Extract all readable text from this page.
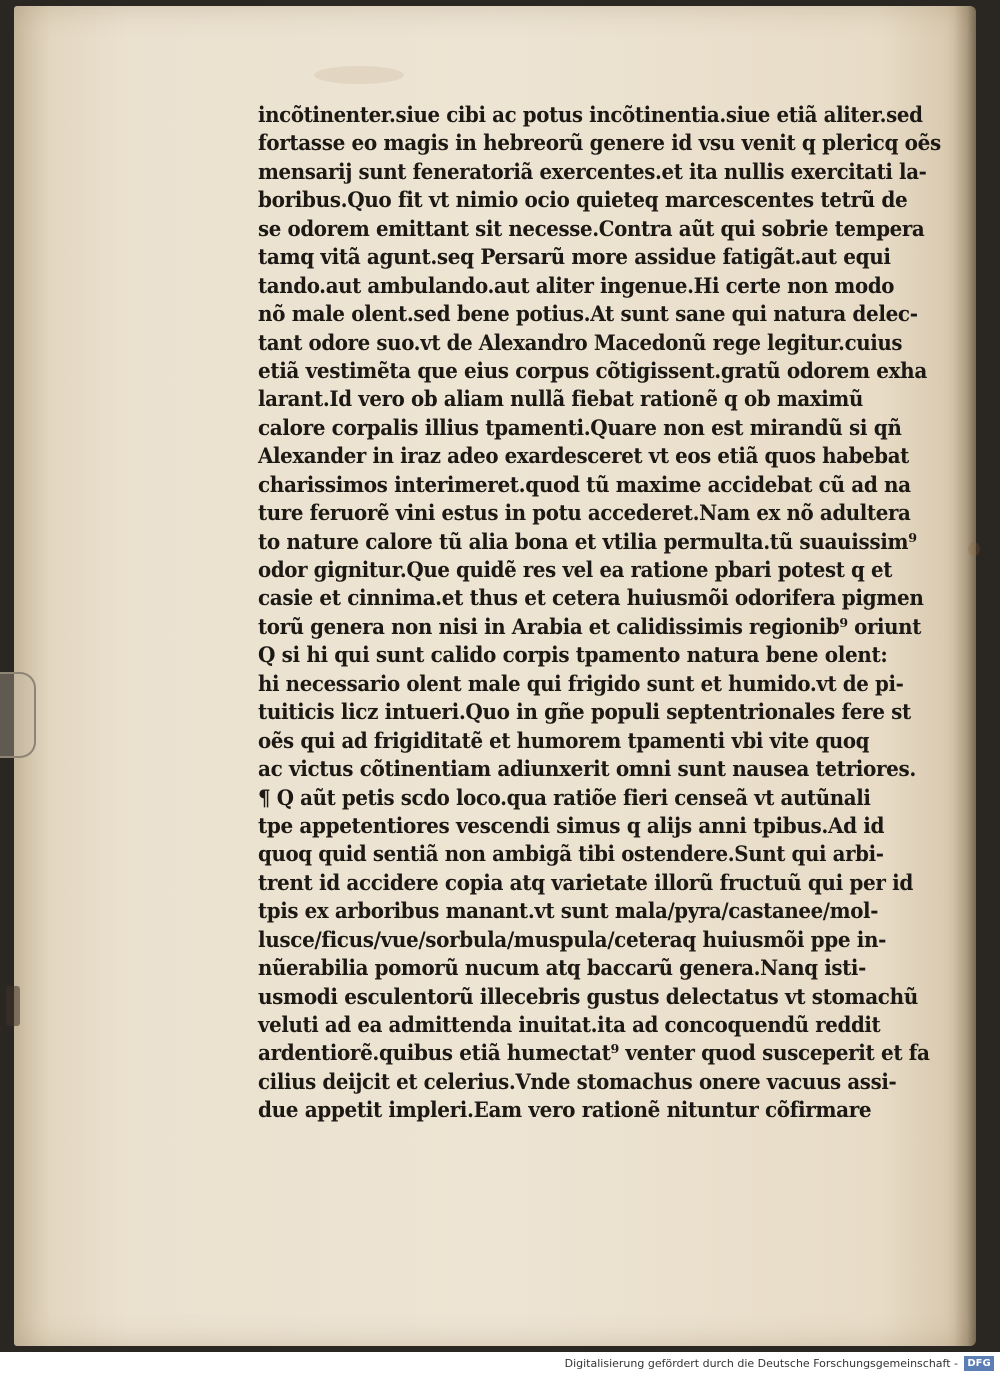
incõtinenter.siue cibi ac potus incõtinentia.siue etiã aliter.sed
fortasse eo magis in hebreorũ genere id vsu venit q plericq oẽs
mensarij sunt feneratoriã exercentes.et ita nullis exercitati la-
boribus.Quo fit vt nimio ocio quieteq marcescentes tetrũ de
se odorem emittant sit necesse.Contra aũt qui sobrie tempera
tamq vitã agunt.seq Persarũ more assidue fatigãt.aut equi
tando.aut ambulando.aut aliter ingenue.Hi certe non modo
nõ male olent.sed bene potius.At sunt sane qui natura delec-
tant odore suo.vt de Alexandro Macedonũ rege legitur.cuius
etiã vestimẽta que eius corpus cõtigissent.gratũ odorem exha
larant.Id vero ob aliam nullã fiebat rationẽ q ob maximũ
calore corpalis illius tpamenti.Quare non est mirandũ si qñ
Alexander in iraz adeo exardesceret vt eos etiã quos habebat
charissimos interimeret.quod tũ maxime accidebat cũ ad na
ture feruorẽ vini estus in potu accederet.Nam ex nõ adultera
to nature calore tũ alia bona et vtilia permulta.tũ suauissim⁹
odor gignitur.Que quidẽ res vel ea ratione pbari potest q et
casie et cinnima.et thus et cetera huiusmõi odorifera pigmen
torũ genera non nisi in Arabia et calidissimis regionib⁹ oriunt
Q si hi qui sunt calido corpis tpamento natura bene olent:
hi necessario olent male qui frigido sunt et humido.vt de pi-
tuiticis licz intueri.Quo in gñe populi septentrionales fere st
oẽs qui ad frigiditatẽ et humorem tpamenti vbi vite quoq
ac victus cõtinentiam adiunxerit omni sunt nausea tetriores.
¶ Q aũt petis scdo loco.qua ratiõe fieri censeã vt autũnali
tpe appetentiores vescendi simus q alijs anni tpibus.Ad id
quoq quid sentiã non ambigã tibi ostendere.Sunt qui arbi-
trent id accidere copia atq varietate illorũ fructuũ qui per id
tpis ex arboribus manant.vt sunt mala/pyra/castanee/mol-
lusce/ficus/vue/sorbula/muspula/ceteraq huiusmõi ppe in-
nũerabilia pomorũ nucum atq baccarũ genera.Nanq isti-
usmodi esculentorũ illecebris gustus delectatus vt stomachũ
veluti ad ea admittenda inuitat.ita ad concoquendũ reddit
ardentiorẽ.quibus etiã humectat⁹ venter quod susceperit et fa
cilius deijcit et celerius.Vnde stomachus onere vacuus assi-
due appetit impleri.Eam vero rationẽ nituntur cõfirmare
Digitalisierung gefördert durch die Deutsche Forschungsgemeinschaft - DFG
